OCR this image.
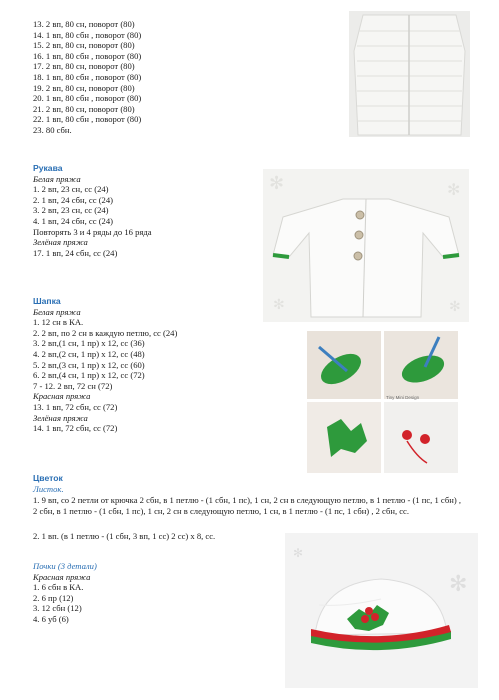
13. 2 вп, 80 сн, поворот (80)
14. 1 вп, 80 сбн , поворот (80)
15. 2 вп, 80 сн, поворот (80)
16. 1 вп, 80 сбн , поворот (80)
17. 2 вп, 80 сн, поворот (80)
18. 1 вп, 80 сбн , поворот (80)
19. 2 вп, 80 сн, поворот (80)
20. 1 вп, 80 сбн , поворот (80)
21. 2 вп, 80 сн, поворот (80)
22. 1 вп, 80 сбн , поворот (80)
23. 80 сбн.
Рукава
Белая пряжа
1. 2 вп, 23 сн, сс (24)
2. 1 вп, 24 сбн, сс (24)
3. 2 вп, 23 сн, сс (24)
4. 1 вп, 24 сбн, сс (24)
Повторять 3 и 4 ряды до 16 ряда
Зелёная пряжа
17. 1 вп, 24 сбн, сс (24)
Шапка
Белая пряжа
1. 12 сн в КА.
2. 2 вп, по 2 сн в каждую петлю, сс (24)
3. 2 вп,(1 сн, 1 пр) х 12, сс (36)
4. 2 вп,(2 сн, 1 пр) х 12, сс (48)
5. 2 вп,(3 сн, 1 пр) х 12, сс (60)
6. 2 вп,(4 сн, 1 пр) х 12, сс (72)
7 - 12. 2 вп, 72 сн (72)
Красная пряжа
13. 1 вп, 72 сбн, сс (72)
Зелёная пряжа
14. 1 вп, 72 сбн, сс (72)
Цветок
Листок.
1. 9 вп, со 2 петли от крючка 2 сбн, в 1 петлю - (1 сбн, 1 пс), 1 сн, 2 сн в следующую петлю, в 1 петлю - (1 пс, 1 сбн) , 2 сбн, в 1 петлю - (1 сбн, 1 пс), 1 сн, 2 сн в следующую петлю, 1 сн, в 1 петлю - (1 пс, 1 сбн) , 2 сбн, сс.
2. 1 вп. (в 1 петлю - (1 сбн, 3 вп, 1 сс) 2 сс) х 8, сс.
Почки (3 детали)
Красная пряжа
1. 6 сбн в КА.
2. 6 пр (12)
3. 12 сбн (12)
4. 6 уб (6)
✻	✻
✻	✻
Tiny Mini Design
✻
✻
